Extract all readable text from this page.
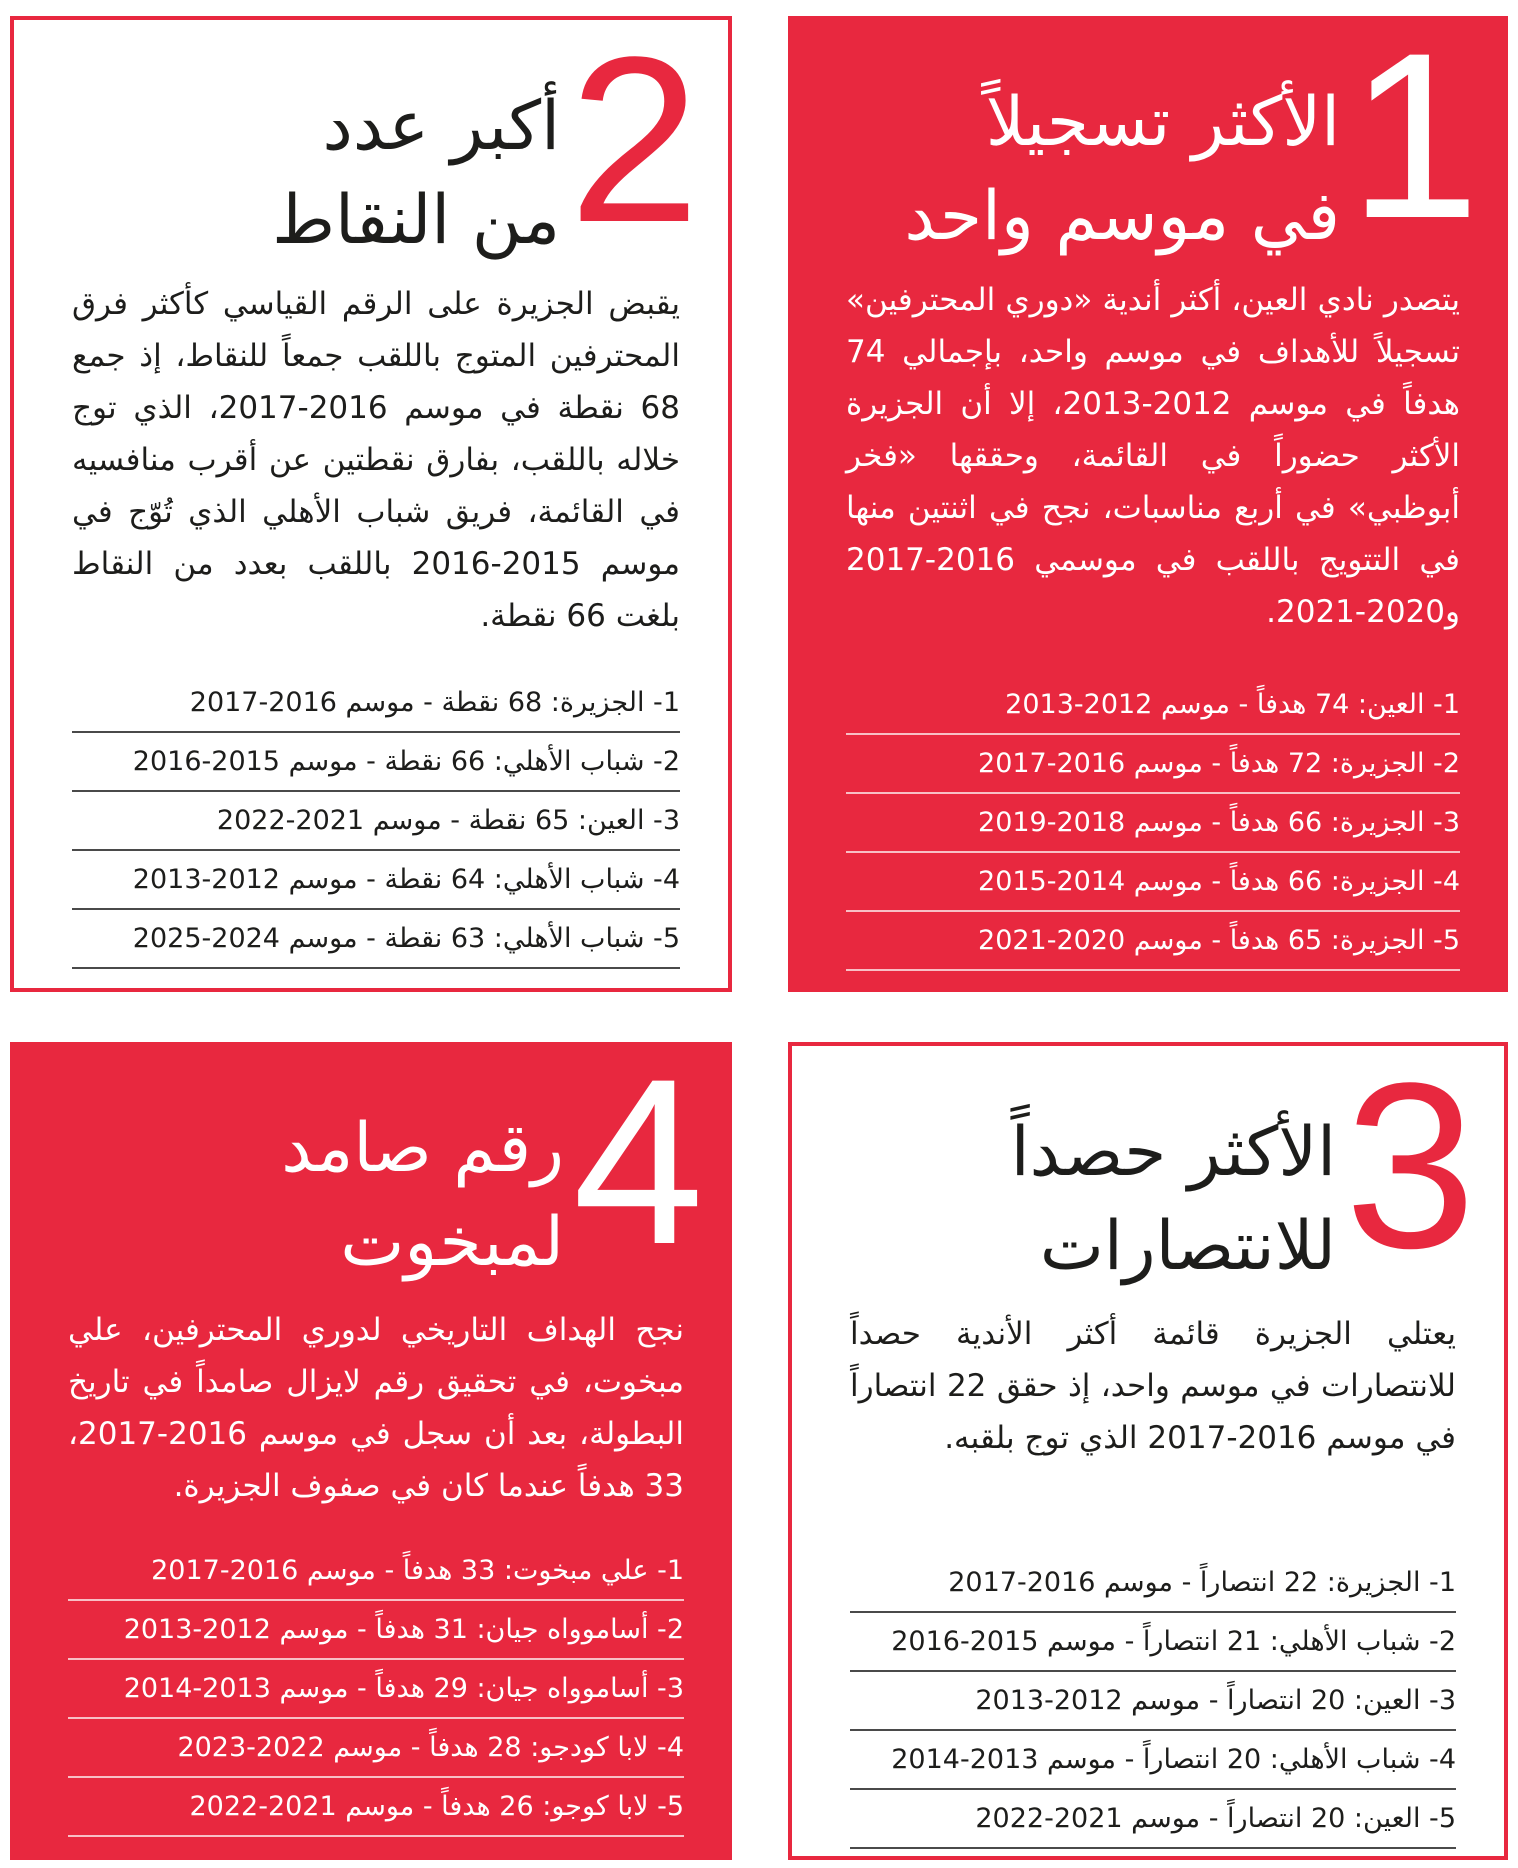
1
الأكثر تسجيلاً
في موسم واحد
يتصدر نادي العين، أكثر أندية «دوري المحترفين» تسجيلاً للأهداف في موسم واحد، بإجمالي 74 هدفاً في موسم 2012-2013، إلا أن الجزيرة الأكثر حضوراً في القائمة، وحققها «فخر أبوظبي» في أربع مناسبات، نجح في اثنتين منها في التتويج باللقب في موسمي 2016-2017 و2020-2021.
1- العين: 74 هدفاً - موسم 2012-2013
2- الجزيرة: 72 هدفاً - موسم 2016-2017
3- الجزيرة: 66 هدفاً - موسم 2018-2019
4- الجزيرة: 66 هدفاً - موسم 2014-2015
5- الجزيرة: 65 هدفاً - موسم 2020-2021
2
أكبر عدد
من النقاط
يقبض الجزيرة على الرقم القياسي كأكثر فرق المحترفين المتوج باللقب جمعاً للنقاط، إذ جمع 68 نقطة في موسم 2016-2017، الذي توج خلاله باللقب، بفارق نقطتين عن أقرب منافسيه في القائمة، فريق شباب الأهلي الذي تُوّج في موسم 2015-2016 باللقب بعدد من النقاط بلغت 66 نقطة.
1- الجزيرة: 68 نقطة - موسم 2016-2017
2- شباب الأهلي: 66 نقطة - موسم 2015-2016
3- العين: 65 نقطة - موسم 2021-2022
4- شباب الأهلي: 64 نقطة - موسم 2012-2013
5- شباب الأهلي: 63 نقطة - موسم 2024-2025
3
الأكثر حصداً
للانتصارات
يعتلي الجزيرة قائمة أكثر الأندية حصداً للانتصارات في موسم واحد، إذ حقق 22 انتصاراً في موسم 2016-2017 الذي توج بلقبه.
1- الجزيرة: 22 انتصاراً - موسم 2016-2017
2- شباب الأهلي: 21 انتصاراً - موسم 2015-2016
3- العين: 20 انتصاراً - موسم 2012-2013
4- شباب الأهلي: 20 انتصاراً - موسم 2013-2014
5- العين: 20 انتصاراً - موسم 2021-2022
4
رقم صامد
لمبخوت
نجح الهداف التاريخي لدوري المحترفين، علي مبخوت، في تحقيق رقم لايزال صامداً في تاريخ البطولة، بعد أن سجل في موسم 2016-2017، 33 هدفاً عندما كان في صفوف الجزيرة.
1- علي مبخوت: 33 هدفاً - موسم 2016-2017
2- أساموواه جيان: 31 هدفاً - موسم 2012-2013
3- أساموواه جيان: 29 هدفاً - موسم 2013-2014
4- لابا كودجو: 28 هدفاً - موسم 2022-2023
5- لابا كوجو: 26 هدفاً - موسم 2021-2022
